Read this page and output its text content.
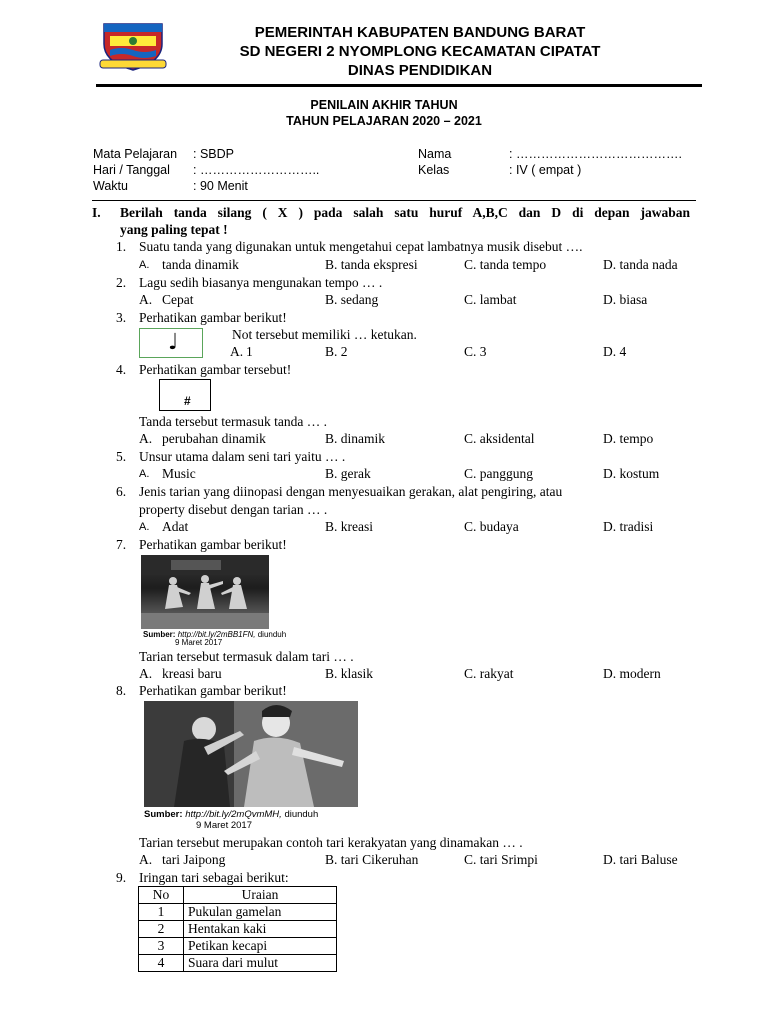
PEMERINTAH KABUPATEN BANDUNG BARAT
SD NEGERI 2 NYOMPLONG KECAMATAN CIPATAT
DINAS PENDIDIKAN
PENILAIN AKHIR TAHUN
TAHUN PELAJARAN 2020 – 2021
Mata Pelajaran : SBDP
Hari / Tanggal : ………………………..
Waktu	: 90 Menit
Nama	: ………………………………….
Kelas	: IV ( empat )
I. Berilah tanda silang ( X ) pada salah satu huruf A,B,C dan D di depan jawaban
yang paling tepat !
1. Suatu tanda yang digunakan untuk mengetahui cepat lambatnya musik disebut ….
A. tanda dinamik	B. tanda ekspresi	C. tanda tempo	D. tanda nada
2. Lagu sedih biasanya mengunakan tempo … .
A. Cepat	B. sedang	C. lambat	D. biasa
3. Perhatikan gambar berikut!
♩	Not tersebut memiliki … ketukan.
A. 1	B. 2	C. 3	D. 4
4. Perhatikan gambar tersebut!
#
Tanda tersebut termasuk tanda … .
A. perubahan dinamik	B. dinamik	C. aksidental	D. tempo
5. Unsur utama dalam seni tari yaitu … .
A. Music	B. gerak	C. panggung	D. kostum
6. Jenis tarian yang diinopasi dengan menyesuaikan gerakan, alat pengiring, atau
property disebut dengan tarian … .
A. Adat	B. kreasi	C. budaya	D. tradisi
7. Perhatikan gambar berikut!
Sumber: http://bit.ly/2mBB1FN, diunduh
9 Maret 2017
Tarian tersebut termasuk dalam tari … .
A. kreasi baru	B. klasik	C. rakyat	D. modern
8. Perhatikan gambar berikut!
Sumber: http://bit.ly/2mQvmMH, diunduh
9 Maret 2017
Tarian tersebut merupakan contoh tari kerakyatan yang dinamakan … .
A. tari Jaipong	B. tari Cikeruhan	C. tari Srimpi	D. tari Baluse
9. Iringan tari sebagai berikut:
No	Uraian
1	Pukulan gamelan
2	Hentakan kaki
3	Petikan kecapi
4	Suara dari mulut
